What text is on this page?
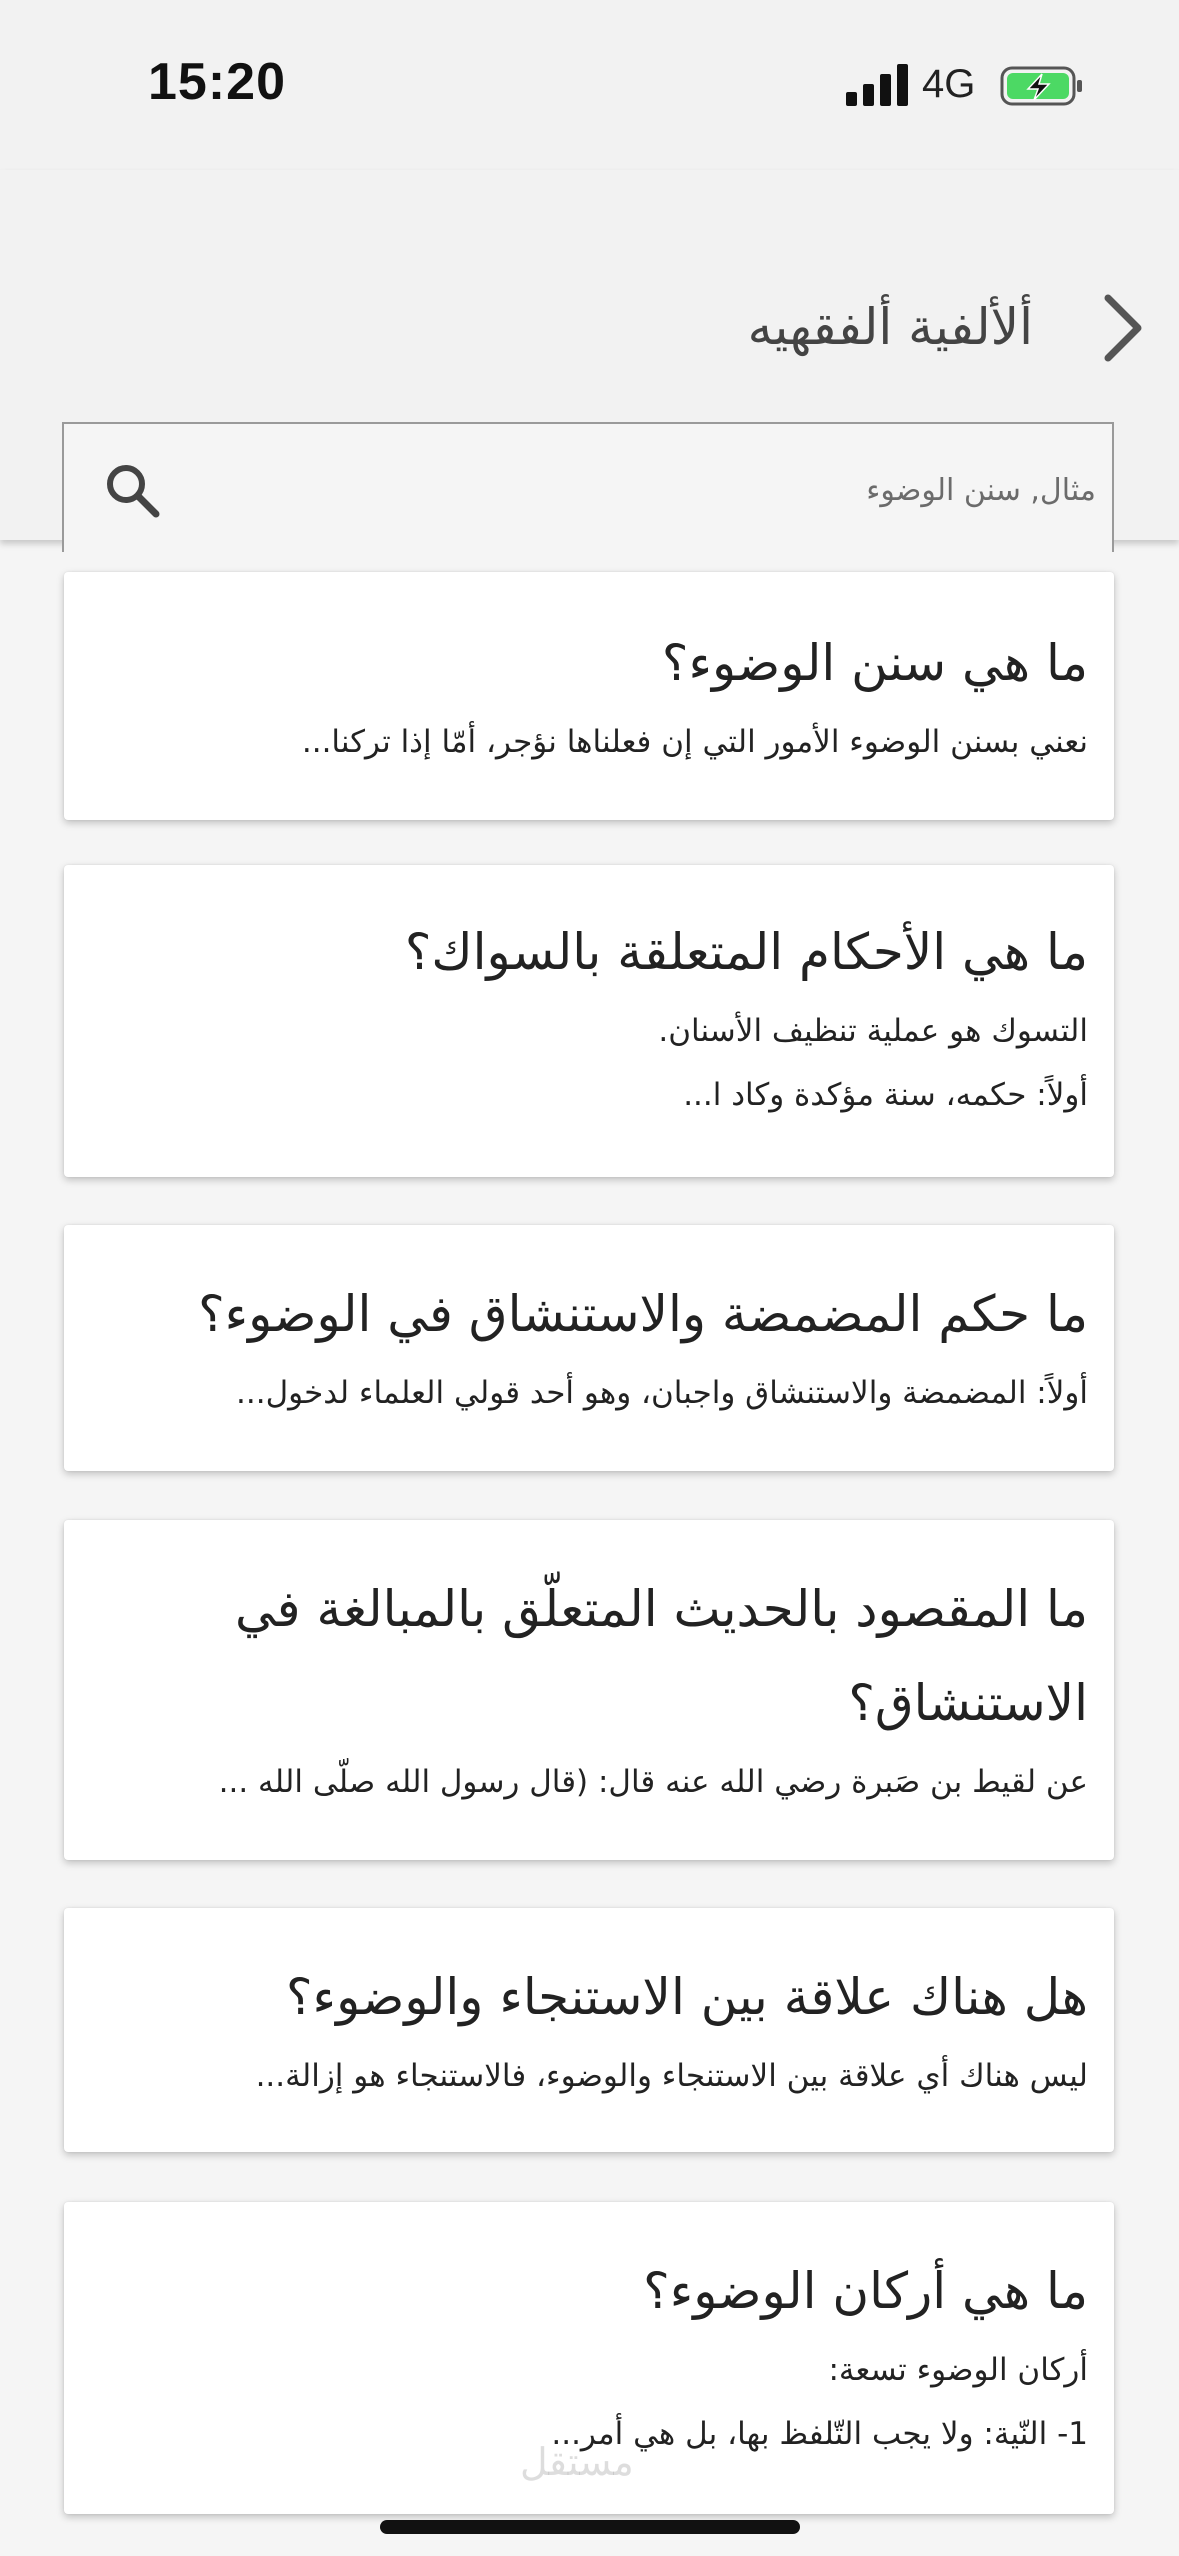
15:20	4G
ألألفية ألفقهيه
مثال, سنن الوضوء
ما هي سنن الوضوء؟

نعني بسنن الوضوء الأمور التي إن فعلناها نؤجر، أمّا إذا تركنا...

ما هي الأحكام المتعلقة بالسواك؟

التسوك هو عملية تنظيف الأسنان.

أولاً: حكمه، سنة مؤكدة وكاد ا...

ما حكم المضمضة والاستنشاق في الوضوء؟

أولاً: المضمضة والاستنشاق واجبان، وهو أحد قولي العلماء لدخول...

ما المقصود بالحديث المتعلّق بالمبالغة في الاستنشاق؟

عن لقيط بن صَبرة رضي الله عنه قال: (قال رسول الله صلّى الله ...

هل هناك علاقة بين الاستنجاء والوضوء؟

ليس هناك أي علاقة بين الاستنجاء والوضوء، فالاستنجاء هو إزالة...

ما هي أركان الوضوء؟

أركان الوضوء تسعة:

1- النّية: ولا يجب التّلفظ بها، بل هي أمر...

مستقل
